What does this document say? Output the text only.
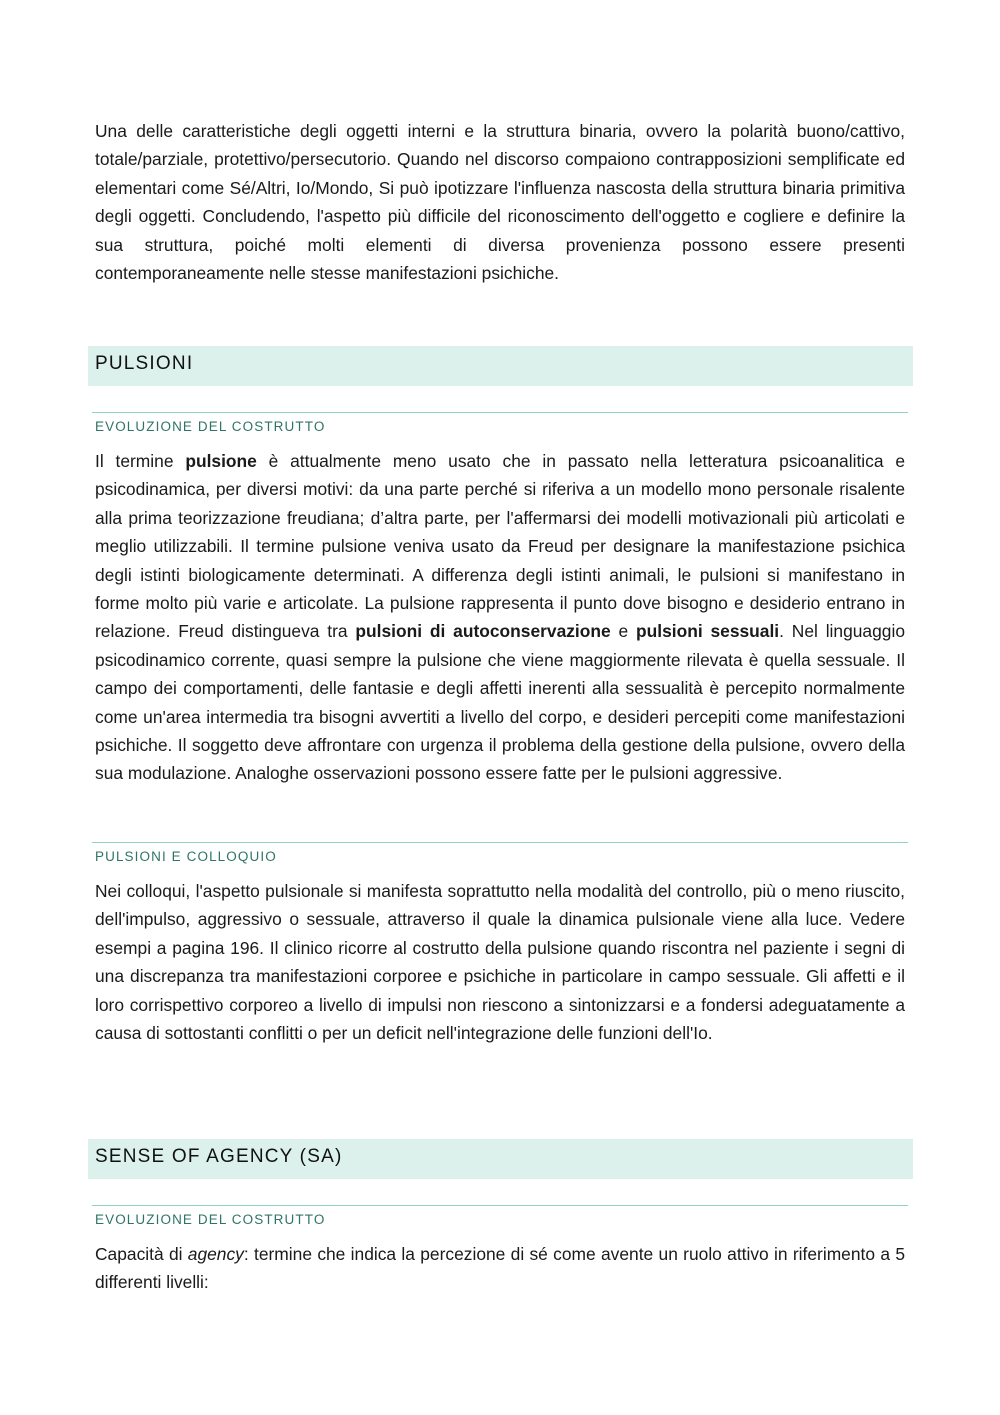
Una delle caratteristiche degli oggetti interni e la struttura binaria, ovvero la polarità buono/cattivo, totale/parziale, protettivo/persecutorio. Quando nel discorso compaiono contrapposizioni semplificate ed elementari come Sé/Altri, Io/Mondo, Si può ipotizzare l'influenza nascosta della struttura binaria primitiva degli oggetti. Concludendo, l'aspetto più difficile del riconoscimento dell'oggetto e cogliere e definire la sua struttura, poiché molti elementi di diversa provenienza possono essere presenti contemporaneamente nelle stesse manifestazioni psichiche.

PULSIONI
EVOLUZIONE DEL COSTRUTTO

Il termine pulsione è attualmente meno usato che in passato nella letteratura psicoanalitica e psicodinamica, per diversi motivi: da una parte perché si riferiva a un modello mono personale risalente alla prima teorizzazione freudiana; d’altra parte, per l'affermarsi dei modelli motivazionali più articolati e meglio utilizzabili. Il termine pulsione veniva usato da Freud per designare la manifestazione psichica degli istinti biologicamente determinati. A differenza degli istinti animali, le pulsioni si manifestano in forme molto più varie e articolate. La pulsione rappresenta il punto dove bisogno e desiderio entrano in relazione. Freud distingueva tra pulsioni di autoconservazione e pulsioni sessuali. Nel linguaggio psicodinamico corrente, quasi sempre la pulsione che viene maggiormente rilevata è quella sessuale. Il campo dei comportamenti, delle fantasie e degli affetti inerenti alla sessualità è percepito normalmente come un'area intermedia tra bisogni avvertiti a livello del corpo, e desideri percepiti come manifestazioni psichiche. Il soggetto deve affrontare con urgenza il problema della gestione della pulsione, ovvero della sua modulazione. Analoghe osservazioni possono essere fatte per le pulsioni aggressive.

PULSIONI E COLLOQUIO

Nei colloqui, l'aspetto pulsionale si manifesta soprattutto nella modalità del controllo, più o meno riuscito, dell'impulso, aggressivo o sessuale, attraverso il quale la dinamica pulsionale viene alla luce. Vedere esempi a pagina 196. Il clinico ricorre al costrutto della pulsione quando riscontra nel paziente i segni di una discrepanza tra manifestazioni corporee e psichiche in particolare in campo sessuale. Gli affetti e il loro corrispettivo corporeo a livello di impulsi non riescono a sintonizzarsi e a fondersi adeguatamente a causa di sottostanti conflitti o per un deficit nell'integrazione delle funzioni dell'Io.

SENSE OF AGENCY (SA)
EVOLUZIONE DEL COSTRUTTO

Capacità di agency: termine che indica la percezione di sé come avente un ruolo attivo in riferimento a 5 differenti livelli:
